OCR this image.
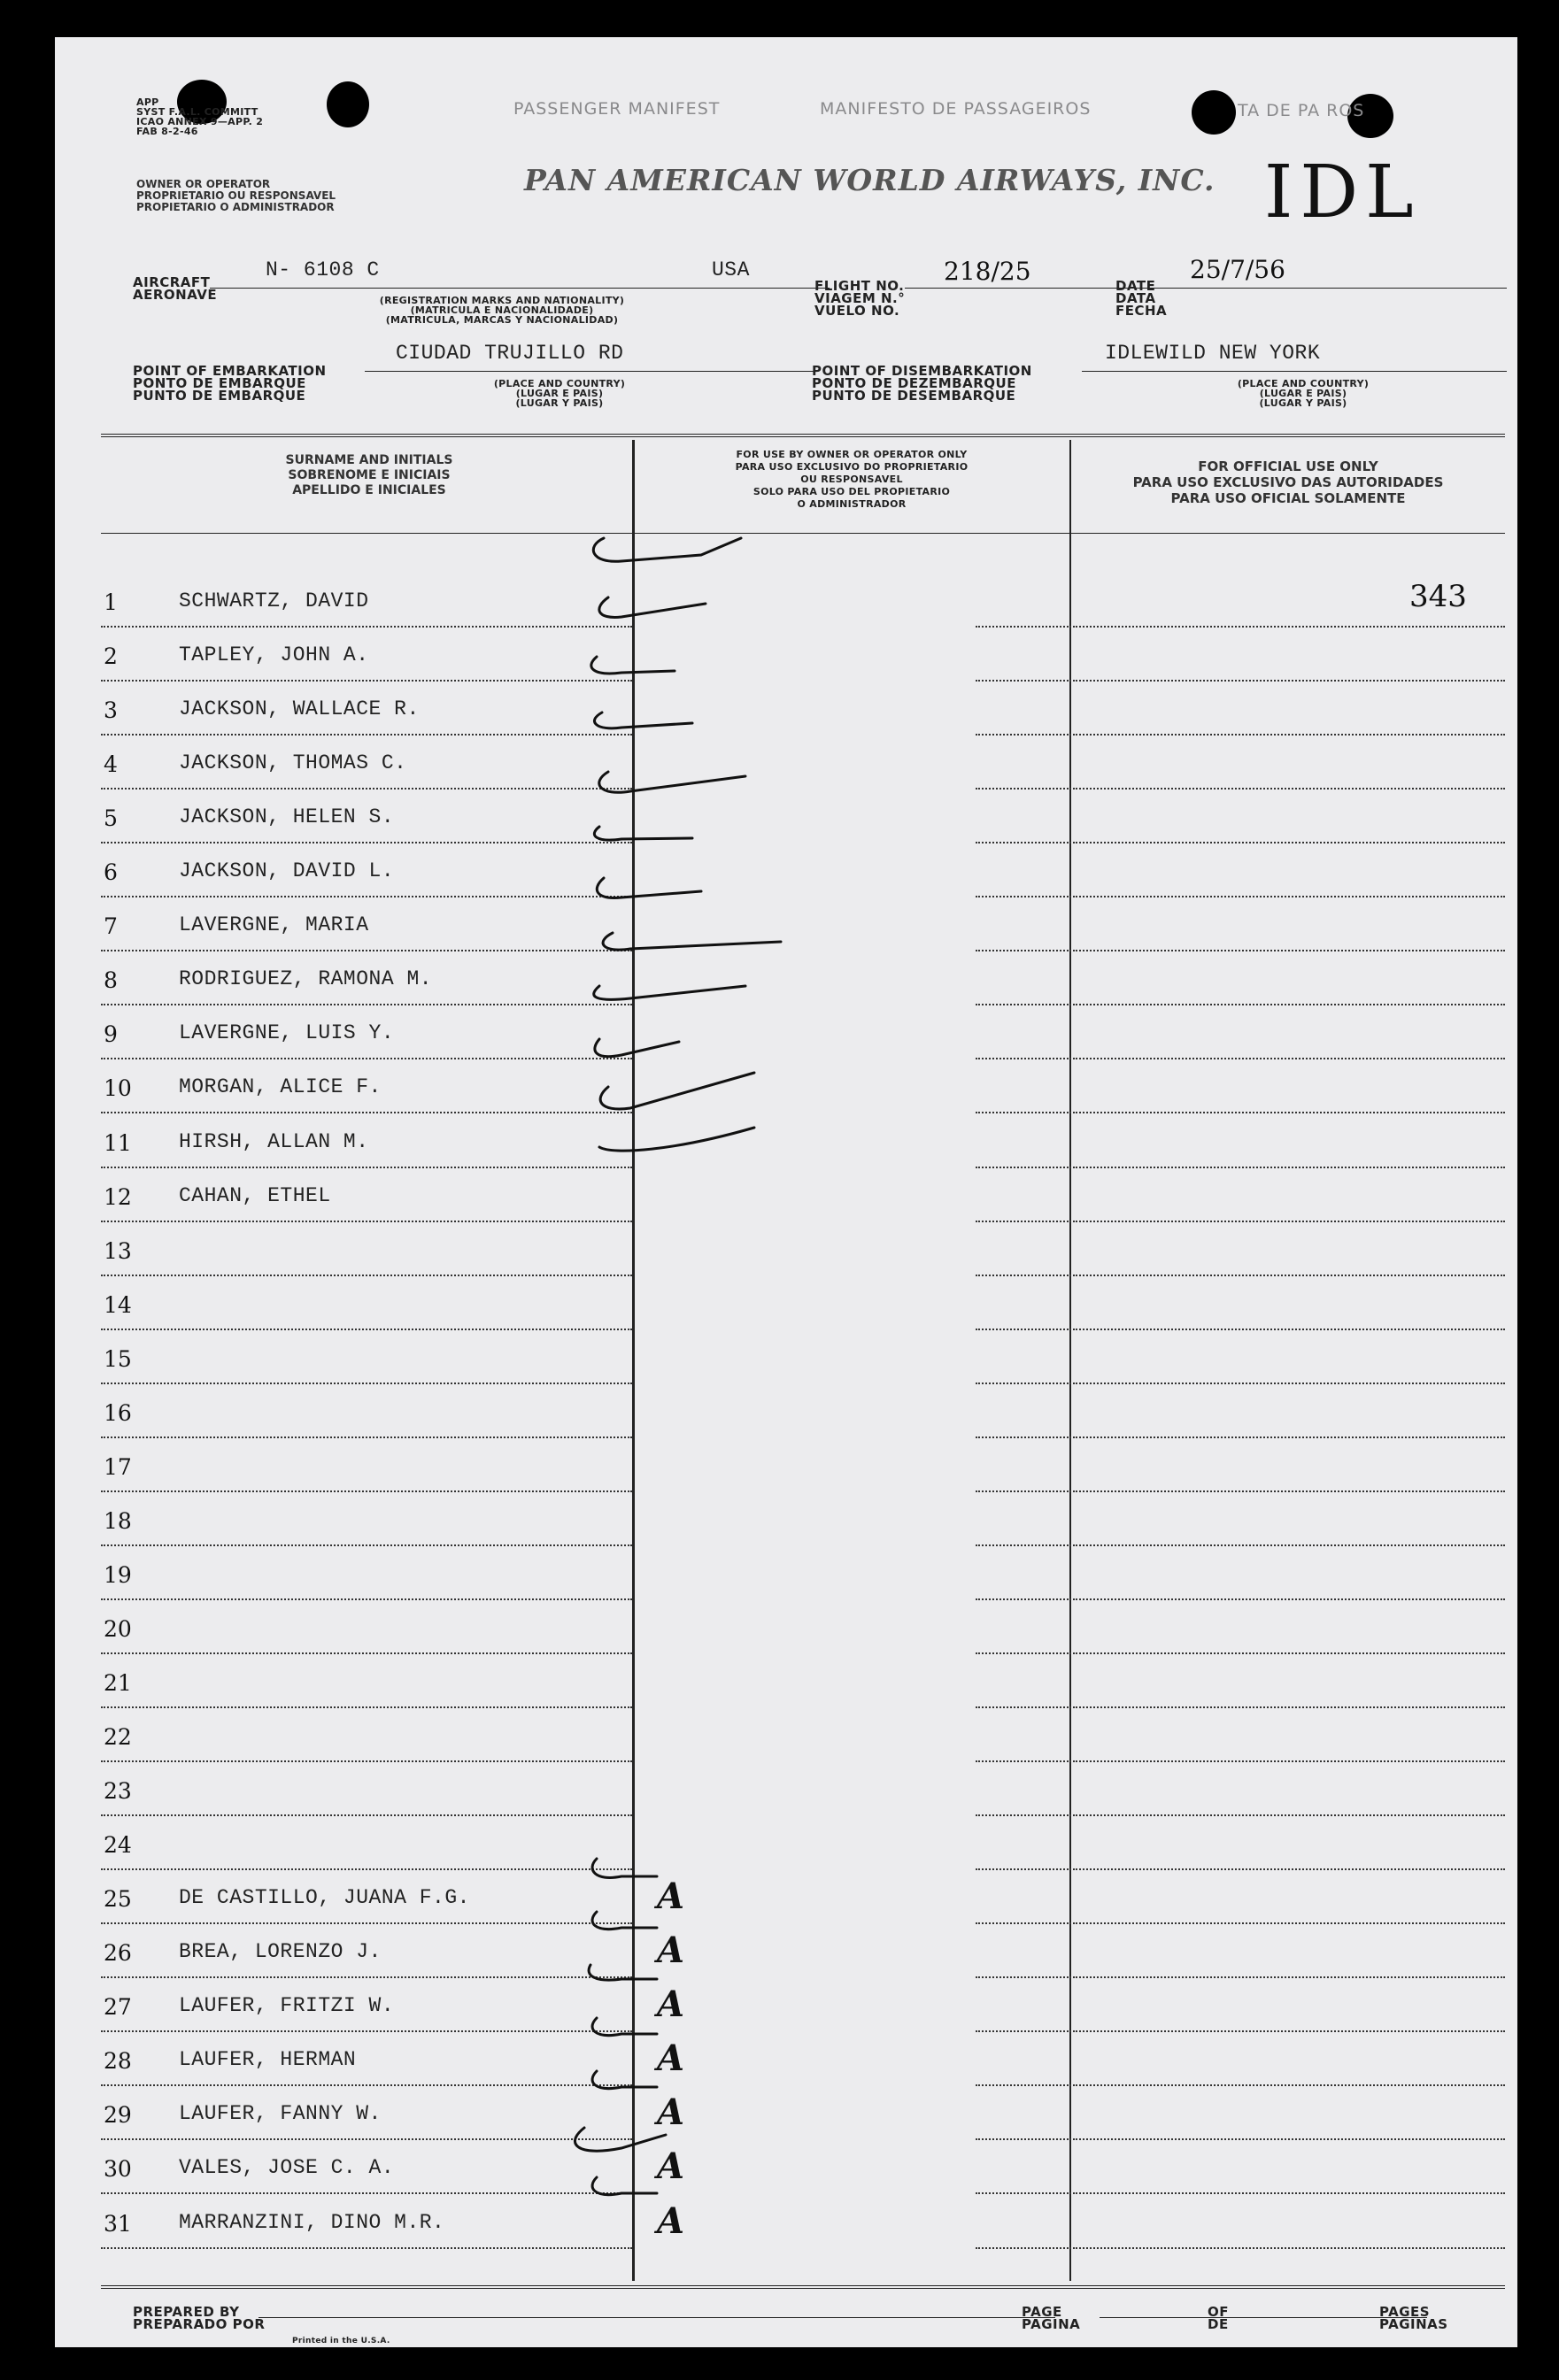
APP
SYST F.A.L. COMMITT
ICAO ANNEX 9—APP. 2
FAB 8-2-46
OWNER OR OPERATOR
PROPRIETARIO OU RESPONSAVEL
PROPIETARIO O ADMINISTRADOR
PASSENGER MANIFEST	MANIFESTO DE PASSAGEIROS	TA DE PA ROS
PAN AMERICAN WORLD AIRWAYS, INC. IDL
AIRCRAFT
AERONAVE
N- 6108 C	USA
(REGISTRATION MARKS AND NATIONALITY)
(MATRICULA E NACIONALIDADE)
(MATRICULA, MARCAS Y NACIONALIDAD)
FLIGHT NO.
VIAGEM N.°
VUELO NO.
218/25	DATE
DATA
FECHA
25/7/56
POINT OF EMBARKATION
PONTO DE EMBARQUE
PUNTO DE EMBARQUE
CIUDAD TRUJILLO RD
(PLACE AND COUNTRY)
(LUGAR E PAIS)
(LUGAR Y PAIS)
POINT OF DISEMBARKATION
PONTO DE DEZEMBARQUE
PUNTO DE DESEMBARQUE
IDLEWILD NEW YORK
(PLACE AND COUNTRY)
(LUGAR E PAIS)
(LUGAR Y PAIS)
SURNAME AND INITIALS
SOBRENOME E INICIAIS
APELLIDO E INICIALES
FOR USE BY OWNER OR OPERATOR ONLY
PARA USO EXCLUSIVO DO PROPRIETARIO
OU RESPONSAVEL
SOLO PARA USO DEL PROPIETARIO
O ADMINISTRADOR
FOR OFFICIAL USE ONLY
PARA USO EXCLUSIVO DAS AUTORIDADES
PARA USO OFICIAL SOLAMENTE
1	SCHWARTZ, DAVID	343
2	TAPLEY, JOHN A.
3	JACKSON, WALLACE R.
4	JACKSON, THOMAS C.
5	JACKSON, HELEN S.
6	JACKSON, DAVID L.
7	LAVERGNE, MARIA
8	RODRIGUEZ, RAMONA M.
9	LAVERGNE, LUIS Y.
10 MORGAN, ALICE F.
11 HIRSH, ALLAN M.
12 CAHAN, ETHEL
13
14
15
16
17
18
19
20
21
22
23
24
25 DE CASTILLO, JUANA F.G.	A
26 BREA, LORENZO J.	A
27 LAUFER, FRITZI W.	A
28 LAUFER, HERMAN	A
29 LAUFER, FANNY W.	A
30 VALES, JOSE C. A.	A
31 MARRANZINI, DINO M.R.	A
PREPARED BY
PREPARADO POR
PAGE
PAGINA
OF
DE
PAGES
PAGINAS
Printed in the U.S.A.
